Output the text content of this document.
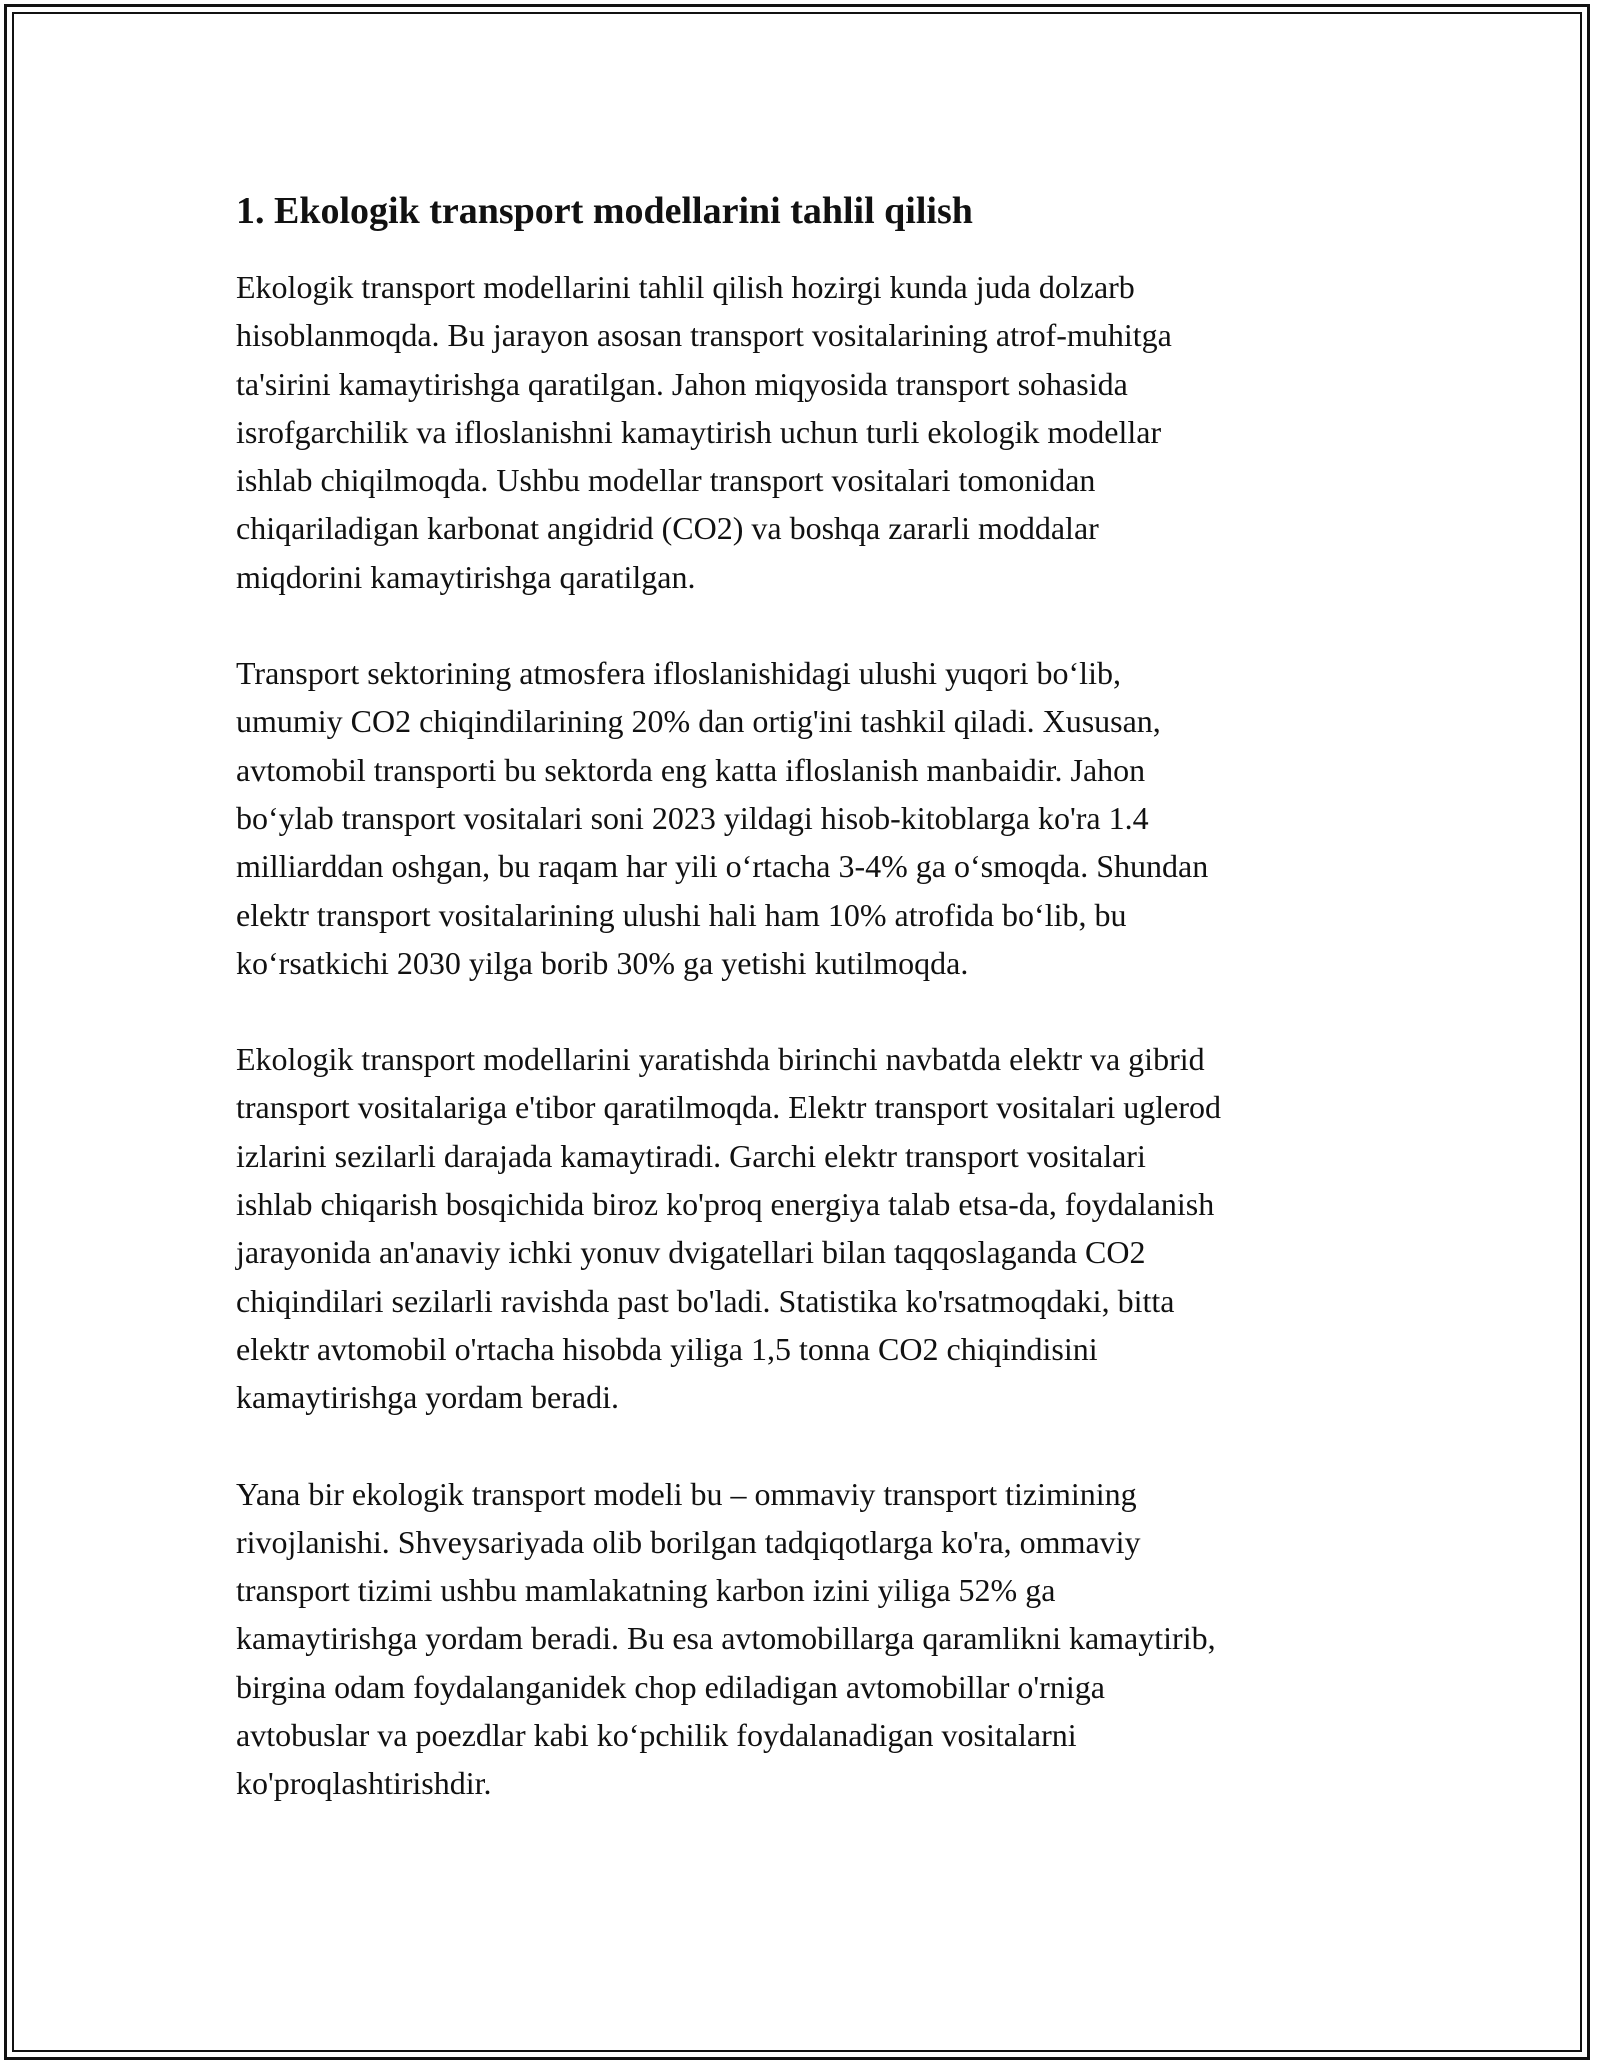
1. Ekologik transport modellarini tahlil qilish

Ekologik transport modellarini tahlil qilish hozirgi kunda juda dolzarb
hisoblanmoqda. Bu jarayon asosan transport vositalarining atrof-muhitga
ta'sirini kamaytirishga qaratilgan. Jahon miqyosida transport sohasida
isrofgarchilik va ifloslanishni kamaytirish uchun turli ekologik modellar
ishlab chiqilmoqda. Ushbu modellar transport vositalari tomonidan
chiqariladigan karbonat angidrid (CO2) va boshqa zararli moddalar
miqdorini kamaytirishga qaratilgan.

Transport sektorining atmosfera ifloslanishidagi ulushi yuqori bo‘lib,
umumiy CO2 chiqindilarining 20% dan ortig'ini tashkil qiladi. Xususan,
avtomobil transporti bu sektorda eng katta ifloslanish manbaidir. Jahon
bo‘ylab transport vositalari soni 2023 yildagi hisob-kitoblarga ko'ra 1.4
milliarddan oshgan, bu raqam har yili o‘rtacha 3-4% ga o‘smoqda. Shundan
elektr transport vositalarining ulushi hali ham 10% atrofida bo‘lib, bu
ko‘rsatkichi 2030 yilga borib 30% ga yetishi kutilmoqda.

Ekologik transport modellarini yaratishda birinchi navbatda elektr va gibrid
transport vositalariga e'tibor qaratilmoqda. Elektr transport vositalari uglerod
izlarini sezilarli darajada kamaytiradi. Garchi elektr transport vositalari
ishlab chiqarish bosqichida biroz ko'proq energiya talab etsa-da, foydalanish
jarayonida an'anaviy ichki yonuv dvigatellari bilan taqqoslaganda CO2
chiqindilari sezilarli ravishda past bo'ladi. Statistika ko'rsatmoqdaki, bitta
elektr avtomobil o'rtacha hisobda yiliga 1,5 tonna CO2 chiqindisini
kamaytirishga yordam beradi.

Yana bir ekologik transport modeli bu – ommaviy transport tizimining
rivojlanishi. Shveysariyada olib borilgan tadqiqotlarga ko'ra, ommaviy
transport tizimi ushbu mamlakatning karbon izini yiliga 52% ga
kamaytirishga yordam beradi. Bu esa avtomobillarga qaramlikni kamaytirib,
birgina odam foydalanganidek chop ediladigan avtomobillar o'rniga
avtobuslar va poezdlar kabi ko‘pchilik foydalanadigan vositalarni
ko'proqlashtirishdir.
